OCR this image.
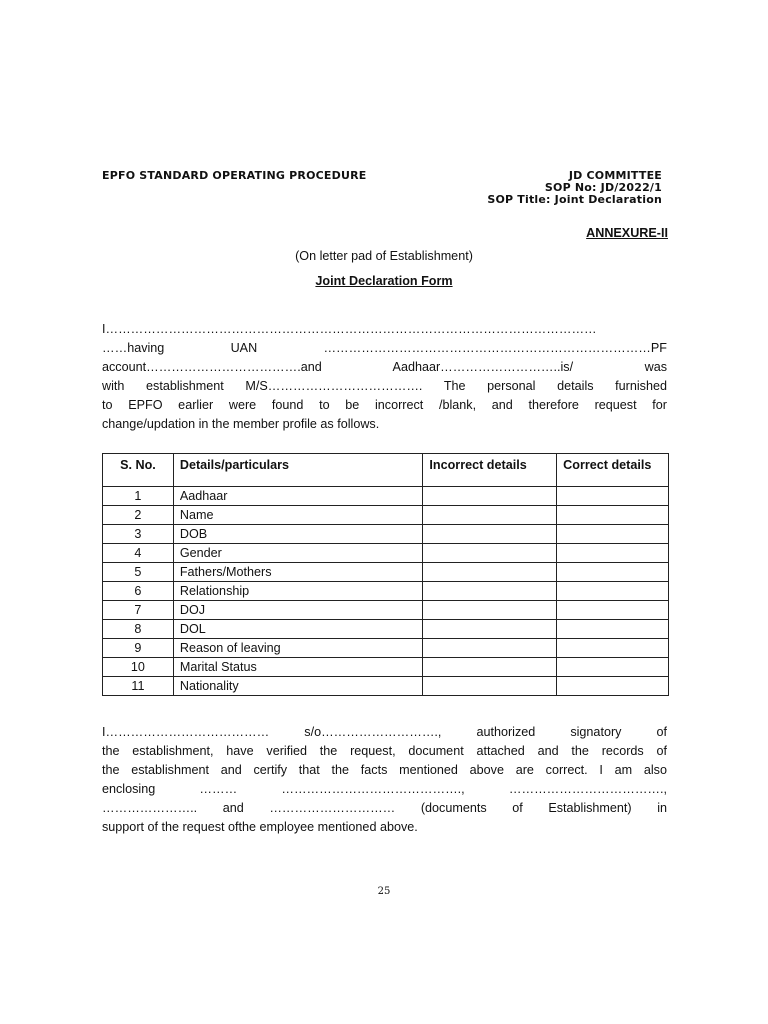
EPFO STANDARD OPERATING PROCEDURE	JD COMMITTEE
SOP No: JD/2022/1
SOP Title: Joint Declaration
ANNEXURE-II
(On letter pad of Establishment)
Joint Declaration Form
I………………………………………………………………………………………………………
……having UAN ……………………………………………………………………PF
account……………………………….and Aadhaar………………………..is/ was
with establishment M/S………………………………. The personal details furnished
to EPFO earlier were found to be incorrect /blank, and therefore request for
change/updation in the member profile as follows.
S. No.	Details/particulars	Incorrect details	Correct details
1	Aadhaar		
2	Name		
3	DOB		
4	Gender		
5	Fathers/Mothers		
6	Relationship		
7	DOJ		
8	DOL		
9	Reason of leaving		
10	Marital Status		
11	Nationality		
I………………………………… s/o………………………., authorized signatory of
the establishment, have verified the request, document attached and the records of
the establishment and certify that the facts mentioned above are correct. I am also
enclosing ……… ……………………………………., ……………………………….,
………………….. and ………………………… (documents of Establishment) in
support of the request ofthe employee mentioned above.
25
